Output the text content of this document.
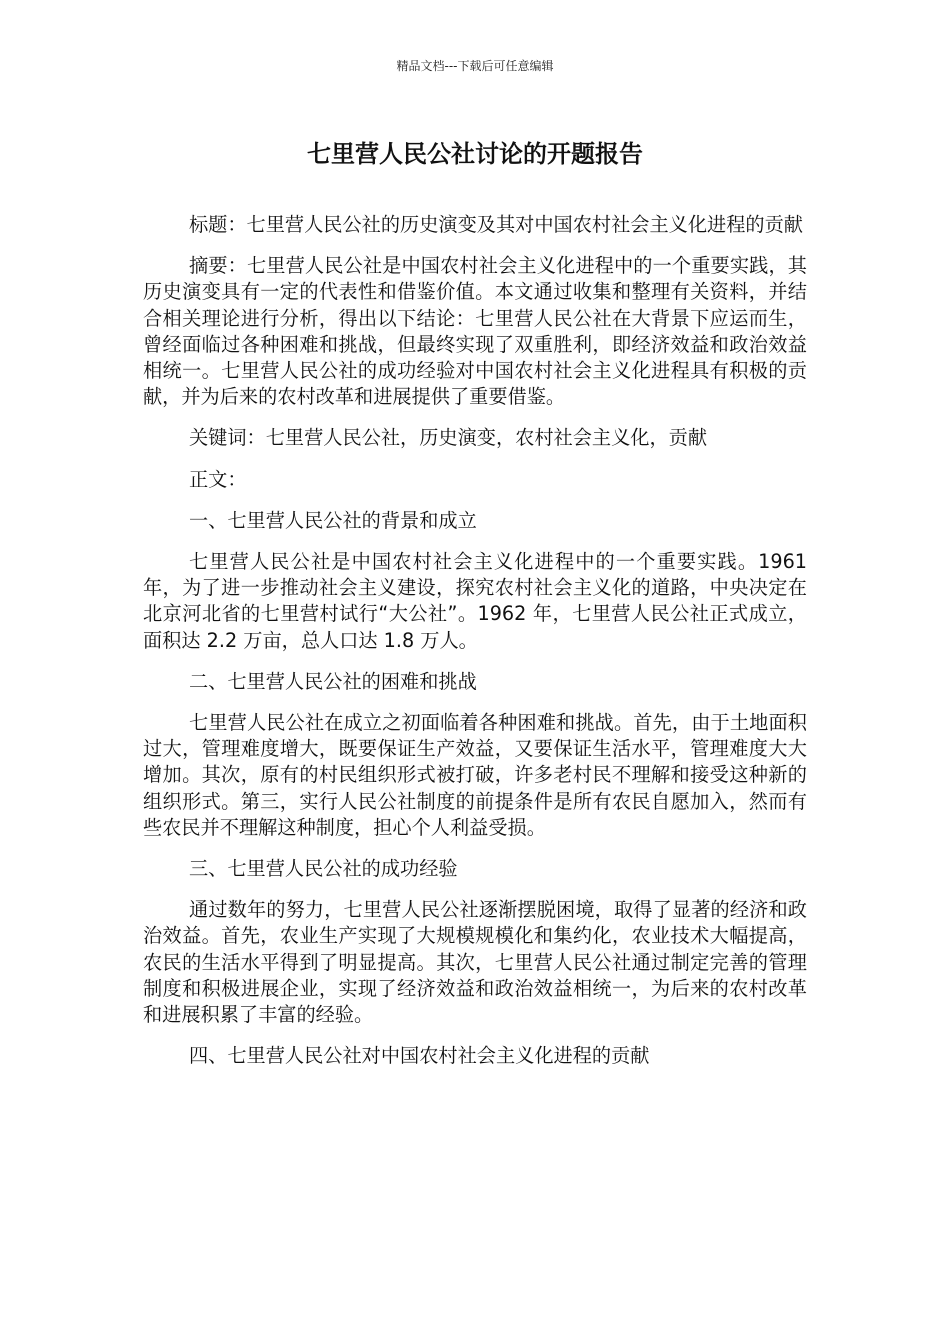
精品文档---下载后可任意编辑
七里营人民公社讨论的开题报告

标题：七里营人民公社的历史演变及其对中国农村社会主义化进程的贡献

摘要：七里营人民公社是中国农村社会主义化进程中的一个重要实践，其历史演变具有一定的代表性和借鉴价值。本文通过收集和整理有关资料，并结合相关理论进行分析，得出以下结论：七里营人民公社在大背景下应运而生，曾经面临过各种困难和挑战，但最终实现了双重胜利，即经济效益和政治效益相统一。七里营人民公社的成功经验对中国农村社会主义化进程具有积极的贡献，并为后来的农村改革和进展提供了重要借鉴。

关键词：七里营人民公社，历史演变，农村社会主义化，贡献

正文：

一、七里营人民公社的背景和成立

七里营人民公社是中国农村社会主义化进程中的一个重要实践。1961 年，为了进一步推动社会主义建设，探究农村社会主义化的道路，中央决定在北京河北省的七里营村试行“大公社”。1962 年，七里营人民公社正式成立，面积达 2.2 万亩，总人口达 1.8 万人。

二、七里营人民公社的困难和挑战

七里营人民公社在成立之初面临着各种困难和挑战。首先，由于土地面积过大，管理难度增大，既要保证生产效益，又要保证生活水平，管理难度大大增加。其次，原有的村民组织形式被打破，许多老村民不理解和接受这种新的组织形式。第三，实行人民公社制度的前提条件是所有农民自愿加入，然而有些农民并不理解这种制度，担心个人利益受损。

三、七里营人民公社的成功经验

通过数年的努力，七里营人民公社逐渐摆脱困境，取得了显著的经济和政治效益。首先，农业生产实现了大规模规模化和集约化，农业技术大幅提高，农民的生活水平得到了明显提高。其次，七里营人民公社通过制定完善的管理制度和积极进展企业，实现了经济效益和政治效益相统一，为后来的农村改革和进展积累了丰富的经验。

四、七里营人民公社对中国农村社会主义化进程的贡献
